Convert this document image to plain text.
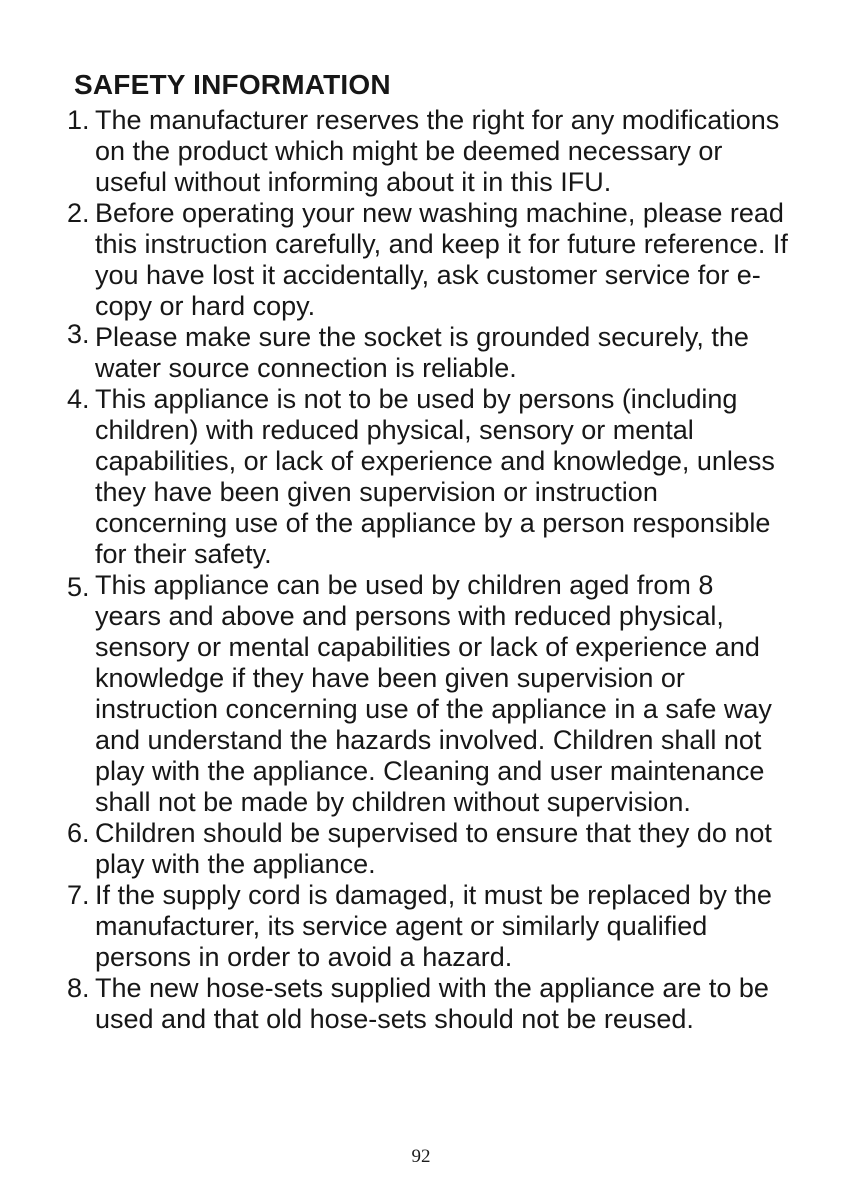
SAFETY INFORMATION
1. The manufacturer reserves the right for any modifications
on the product which might be deemed necessary or
useful without informing about it in this IFU.
2. Before operating your new washing machine, please read
this instruction carefully, and keep it for future reference. If
you have lost it accidentally, ask customer service for e-
copy or hard copy.
3. Please make sure the socket is grounded securely, the
water source connection is reliable.
4. This appliance is not to be used by persons (including
children) with reduced physical, sensory or mental
capabilities, or lack of experience and knowledge, unless
they have been given supervision or instruction
concerning use of the appliance by a person responsible
for their safety.
5. This appliance can be used by children aged from 8
years and above and persons with reduced physical,
sensory or mental capabilities or lack of experience and
knowledge if they have been given supervision or
instruction concerning use of the appliance in a safe way
and understand the hazards involved. Children shall not
play with the appliance. Cleaning and user maintenance
shall not be made by children without supervision.
6. Children should be supervised to ensure that they do not
play with the appliance.
7. If the supply cord is damaged, it must be replaced by the
manufacturer, its service agent or similarly qualified
persons in order to avoid a hazard.
8. The new hose-sets supplied with the appliance are to be
used and that old hose-sets should not be reused.
92
